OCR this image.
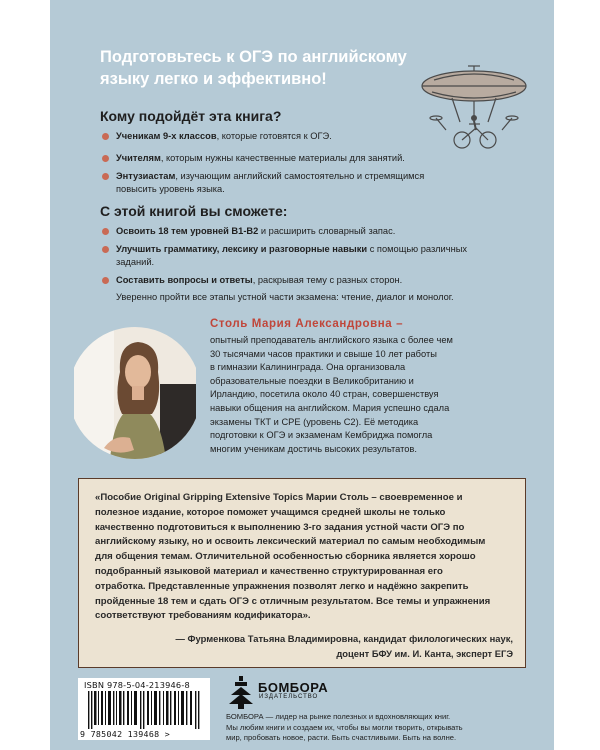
Подготовьтесь к ОГЭ по английскому
языку легко и эффективно!
Кому подойдёт эта книга?
Ученикам 9-х классов, которые готовятся к ОГЭ.
Учителям, которым нужны качественные материалы для занятий.
Энтузиастам, изучающим английский самостоятельно и стремящимся
повысить уровень языка.
С этой книгой вы сможете:
Освоить 18 тем уровней B1-B2 и расширить словарный запас.
Улучшить грамматику, лексику и разговорные навыки с помощью различных
заданий.
Составить вопросы и ответы, раскрывая тему с разных сторон.
Уверенно пройти все этапы устной части экзамена: чтение, диалог и монолог.
Столь Мария Александровна –
опытный преподаватель английского языка с более чем
30 тысячами часов практики и свыше 10 лет работы
в гимназии Калининграда. Она организовала
образовательные поездки в Великобританию и
Ирландию, посетила около 40 стран, совершенствуя
навыки общения на английском. Мария успешно сдала
экзамены ТКТ и CPE (уровень C2). Её методика
подготовки к ОГЭ и экзаменам Кембриджа помогла
многим ученикам достичь высоких результатов.
«Пособие Original Gripping Extensive Topics Марии Столь – своевременное и
полезное издание, которое поможет учащимся средней школы не только
качественно подготовиться к выполнению 3-го задания устной части ОГЭ по
английскому языку, но и освоить лексический материал по самым необходимым
для общения темам. Отличительной особенностью сборника является хорошо
подобранный языковой материал и качественно структурированная его
отработка. Представленные упражнения позволят легко и надёжно закрепить
пройденные 18 тем и сдать ОГЭ с отличным результатом. Все темы и упражнения
соответствуют требованиям кодификатора».
— Фурменкова Татьяна Владимировна, кандидат филологических наук,
доцент БФУ им. И. Канта, эксперт ЕГЭ
ISBN 978-5-04-213946-8
9 785042 139468 >
БОМБОРА
ИЗДАТЕЛЬСТВО
БОМБОРА — лидер на рынке полезных и вдохновляющих книг.
Мы любим книги и создаем их, чтобы вы могли творить, открывать
мир, пробовать новое, расти. Быть счастливыми. Быть на волне.
